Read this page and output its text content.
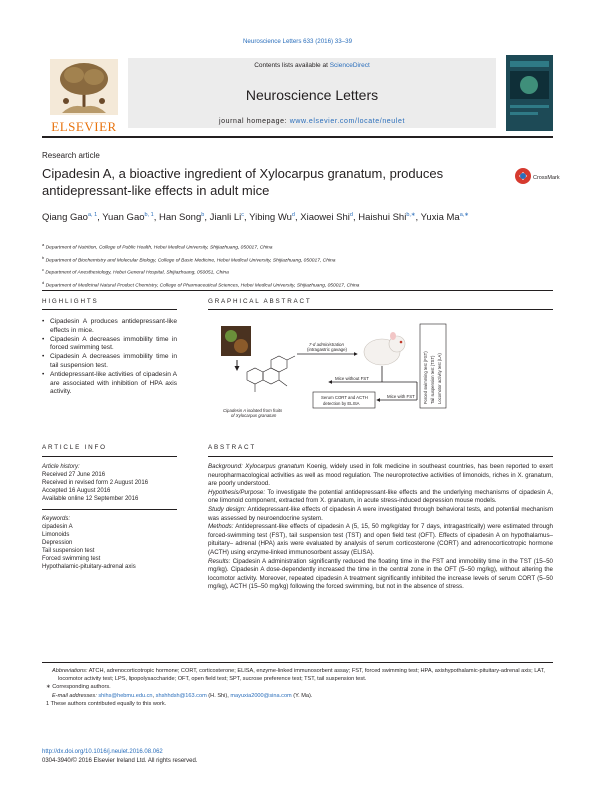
Neuroscience Letters 633 (2016) 33–39
ELSEVIER
Contents lists available at ScienceDirect
Neuroscience Letters
journal homepage: www.elsevier.com/locate/neulet
Research article
Cipadesin A, a bioactive ingredient of Xylocarpus granatum, produces antidepressant-like effects in adult mice
CrossMark
Qiang Gao$^{a, 1}$, Yuan Gao$^{b, 1}$, Han Song$^b$, Jianli Li$^c$, Yibing Wu$^d$, Xiaowei Shi$^d$, Haishui Shi$^{b,∗}$, Yuxia $Ma^{a,∗}$
$^a$ Department of Nutrition, College of Public Health, Hebei Medical University, Shijiazhuang, 050017, China
$^b$ Department of Biochemistry and Molecular Biology, College of Basic Medicine, Hebei Medical University, Shijiazhuang, 050017, China
$^c$ Department of Anesthesiology, Hebei General Hospital, Shijiazhuang, 050051, China
$^d$ Department of Medicinal Natural Product Chemistry, College of Pharmaceutical Sciences, Hebei Medical University, Shijiazhuang, 050017, China
HIGHLIGHTS
• Cipadesin A produces antidepressant-like effects in mice.
• Cipadesin A decreases immobility time in forced swimming test.
• Cipadesin A decreases immobility time in tail suspension test.
• Antidepressant-like activities of cipadesin A are associated with inhibition of HPA axis activity.
GRAPHICAL ABSTRACT
Cipadesin A isolated from fruits
of Xylocarpus granatum
7-d administration
(intragastric gavage)
Mice without FST
Mice with FST
Serum CORT and ACTH
detection by ELISA	Forced swimming test (FST) Tail suspension test (TST) Locomotor activity test (LA)
ARTICLE INFO
Article history:
Received 27 June 2016
Received in revised form 2 August 2016
Accepted 16 August 2016
Available online 12 September 2016
Keywords:
cipadesin A
Limonoids
Depression
Tail suspension test
Forced swimming test
Hypothalamic-pituitary-adrenal axis
ABSTRACT

Background: Xylocarpus granatum Koenig, widely used in folk medicine in southeast countries, has been reported to exert neuropharmacological activities as well as mood regulation. The neuroprotective activities of limonoids, riches in X. granatum, are poorly understood.

Hypothesis/Purpose: To investigate the potential antidepressant-like effects and the underlying mechanisms of cipadesin A, one limonoid component, extracted from X. granatum, in acute stress-induced depression mouse models.

Study design: Antidepressant-like effects of cipadesin A were investigated through behavioral tests, and potential mechanism was assessed by neuroendocrine system.

Methods: Antidepressant-like effects of cipadesin A (5, 15, 50 mg/kg/day for 7 days, intragastrically) were estimated through forced-swimming test (FST), tail suspension test (TST) and open field test (OFT). Effects of cipadesin A on hypothalamus–pituitary– adrenal (HPA) axis were evaluated by analysis of serum corticosterone (CORT) and adrenocorticotropic hormone (ACTH) using enzyme-linked immunosorbent assay (ELISA).

Results: Cipadesin A administration significantly reduced the floating time in the FST and immobility time in the TST (15–50 mg/kg). Cipadesin A dose-dependently increased the time in the central zone in the OFT (5–50 mg/kg), without altering the locomotor activity. Moreover, repeated cipadesin A treatment significantly inhibited the increase levels of serum CORT (5–50 mg/kg), ACTH (15–50 mg/kg) following the forced swimming, but not in the absence of stress.

Abbreviations: ATCH, adrenocorticotropic hormone; CORT, corticosterone; ELISA, enzyme-linked immunosorbent assay; FST, forced swimming test; HPA, axishypothalamic-pituitary-adrenal axis; LAT, locomotor activity test; LPS, lipopolysaccharide; OFT, open field test; SPT, sucrose preference test; TST, tail suspension test.
∗ Corresponding authors.
E-mail addresses: shihs@hebmu.edu.cn, shshhdsh@163.com (H. Shi), mayuxia2000@sina.com (Y. Ma).
1 These authors contributed equally to this work.
http://dx.doi.org/10.1016/j.neulet.2016.08.062
0304-3940/© 2016 Elsevier Ireland Ltd. All rights reserved.
